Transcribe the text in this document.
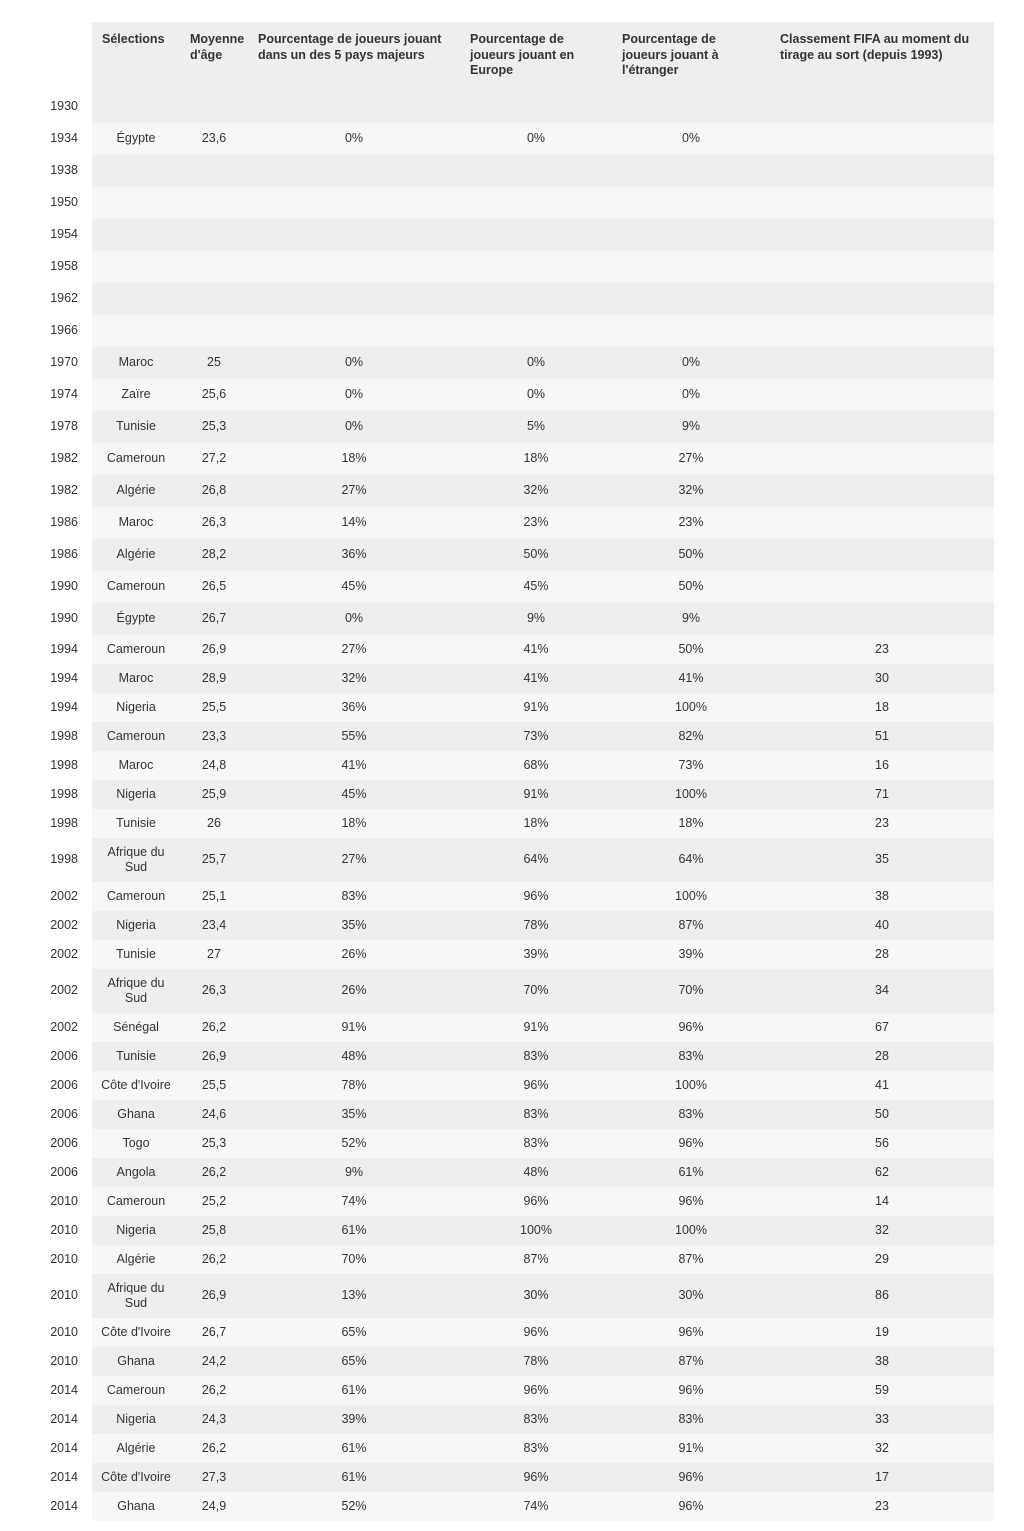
	Sélections	Moyenne d'âge	Pourcentage de joueurs jouant dans un des 5 pays majeurs	Pourcentage de joueurs jouant en Europe	Pourcentage de joueurs jouant à l'étranger	Classement FIFA au moment du tirage au sort (depuis 1993)
1930						
1934	Égypte	23,6	0%	0%	0%	
1938						
1950						
1954						
1958						
1962						
1966						
1970	Maroc	25	0%	0%	0%	
1974	Zaïre	25,6	0%	0%	0%	
1978	Tunisie	25,3	0%	5%	9%	
1982	Cameroun	27,2	18%	18%	27%	
1982	Algérie	26,8	27%	32%	32%	
1986	Maroc	26,3	14%	23%	23%	
1986	Algérie	28,2	36%	50%	50%	
1990	Cameroun	26,5	45%	45%	50%	
1990	Égypte	26,7	0%	9%	9%	
1994	Cameroun	26,9	27%	41%	50%	23
1994	Maroc	28,9	32%	41%	41%	30
1994	Nigeria	25,5	36%	91%	100%	18
1998	Cameroun	23,3	55%	73%	82%	51
1998	Maroc	24,8	41%	68%	73%	16
1998	Nigeria	25,9	45%	91%	100%	71
1998	Tunisie	26	18%	18%	18%	23
1998	Afrique du Sud	25,7	27%	64%	64%	35
2002	Cameroun	25,1	83%	96%	100%	38
2002	Nigeria	23,4	35%	78%	87%	40
2002	Tunisie	27	26%	39%	39%	28
2002	Afrique du Sud	26,3	26%	70%	70%	34
2002	Sénégal	26,2	91%	91%	96%	67
2006	Tunisie	26,9	48%	83%	83%	28
2006	Côte d'Ivoire	25,5	78%	96%	100%	41
2006	Ghana	24,6	35%	83%	83%	50
2006	Togo	25,3	52%	83%	96%	56
2006	Angola	26,2	9%	48%	61%	62
2010	Cameroun	25,2	74%	96%	96%	14
2010	Nigeria	25,8	61%	100%	100%	32
2010	Algérie	26,2	70%	87%	87%	29
2010	Afrique du Sud	26,9	13%	30%	30%	86
2010	Côte d'Ivoire	26,7	65%	96%	96%	19
2010	Ghana	24,2	65%	78%	87%	38
2014	Cameroun	26,2	61%	96%	96%	59
2014	Nigeria	24,3	39%	83%	83%	33
2014	Algérie	26,2	61%	83%	91%	32
2014	Côte d'Ivoire	27,3	61%	96%	96%	17
2014	Ghana	24,9	52%	74%	96%	23
